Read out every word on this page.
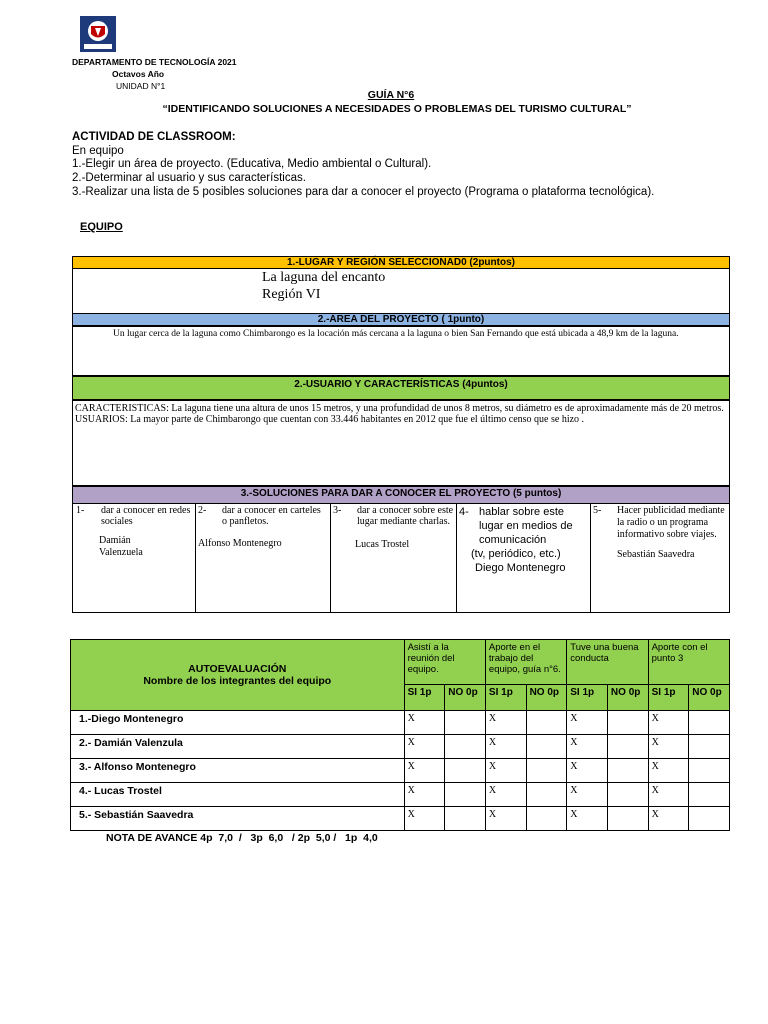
DEPARTAMENTO DE TECNOLOGÍA 2021
Octavos Año
UNIDAD N°1
GUÍA N°6
“IDENTIFICANDO SOLUCIONES A NECESIDADES O PROBLEMAS DEL TURISMO CULTURAL”
ACTIVIDAD DE CLASSROOM:
En equipo
1.-Elegir un área de proyecto. (Educativa, Medio ambiental o Cultural).
2.-Determinar al usuario y sus características.
3.-Realizar una lista de 5 posibles soluciones para dar a conocer el proyecto (Programa o plataforma tecnológica).
EQUIPO
1.-LUGAR Y REGIÓN SELECCIONAD0 (2puntos)
La laguna del encanto
Región VI
2.-ÁREA DEL PROYECTO ( 1punto)
Un lugar cerca de la laguna como Chimbarongo es la locación más cercana a la laguna o bien San Fernando que está ubicada a 48,9 km de la laguna.
2.-USUARIO Y CARACTERÍSTICAS (4puntos)
CARACTERISTICAS: La laguna tiene una altura de unos 15 metros, y una profundidad de unos 8 metros, su diámetro es de aproximadamente más de 20 metros.
USUARIOS: La mayor parte de Chimbarongo que cuentan con 33.446 habitantes en 2012 que fue el último censo que se hizo .
3.-SOLUCIONES PARA DAR A CONOCER EL PROYECTO (5 puntos)
1-	dar a conocer en redes sociales
Damián Valenzuela

2-	dar a conocer en carteles o panfletos.
Alfonso Montenegro

3-	dar a conocer sobre este lugar mediante charlas.
Lucas Trostel

4- hablar sobre este lugar en medios de comunicación
(tv, periódico, etc.)
Diego Montenegro

5-	Hacer publicidad mediante la radio o un programa informativo sobre viajes.
Sebastián Saavedra
AUTOEVALUACIÓN
Nombre de los integrantes del equipo	Asistí a la reunión del equipo.		Aporte en el trabajo del equipo, guía n°6.		Tuve una buena conducta		Aporte con el punto 3	
	SI 1p	NO 0p	SI 1p	NO 0p	SI 1p	NO 0p	SI 1p	NO 0p
1.-Diego Montenegro	X		X		X		X	
2.- Damián Valenzula	X		X		X		X	
3.- Alfonso Montenegro	X		X		X		X	
4.- Lucas Trostel	X		X		X		X	
5.- Sebastián Saavedra	X		X		X		X	
NOTA DE AVANCE 4p  7,0  /   3p  6,0   / 2p  5,0 /   1p  4,0
